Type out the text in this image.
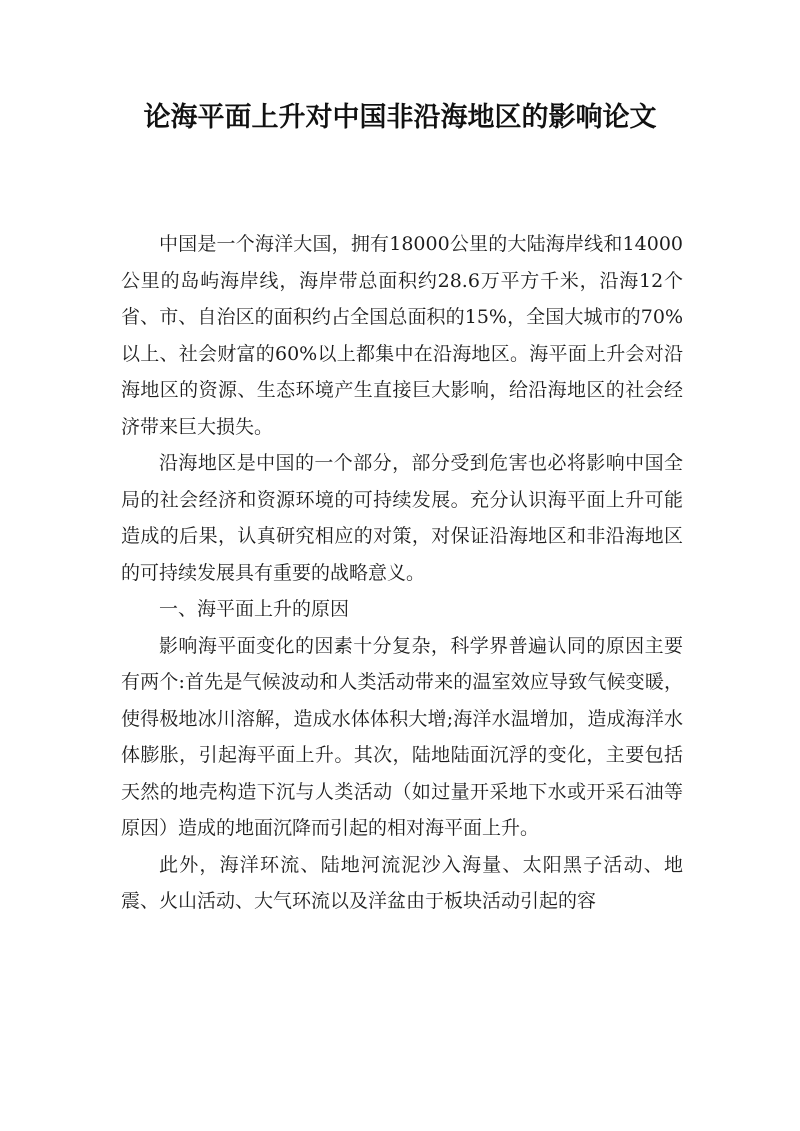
论海平面上升对中国非沿海地区的影响论文

中国是一个海洋大国，拥有18000公里的大陆海岸线和14000公里的岛屿海岸线，海岸带总面积约28.6万平方千米，沿海12个省、市、自治区的面积约占全国总面积的15%，全国大城市的70%以上、社会财富的60%以上都集中在沿海地区。海平面上升会对沿海地区的资源、生态环境产生直接巨大影响，给沿海地区的社会经济带来巨大损失。

沿海地区是中国的一个部分，部分受到危害也必将影响中国全局的社会经济和资源环境的可持续发展。充分认识海平面上升可能造成的后果，认真研究相应的对策，对保证沿海地区和非沿海地区的可持续发展具有重要的战略意义。

一、海平面上升的原因

影响海平面变化的因素十分复杂，科学界普遍认同的原因主要有两个:首先是气候波动和人类活动带来的温室效应导致气候变暖，使得极地冰川溶解，造成水体体积大增;海洋水温增加，造成海洋水体膨胀，引起海平面上升。其次，陆地陆面沉浮的变化，主要包括天然的地壳构造下沉与人类活动（如过量开采地下水或开采石油等原因）造成的地面沉降而引起的相对海平面上升。

此外，海洋环流、陆地河流泥沙入海量、太阳黑子活动、地震、火山活动、大气环流以及洋盆由于板块活动引起的容
